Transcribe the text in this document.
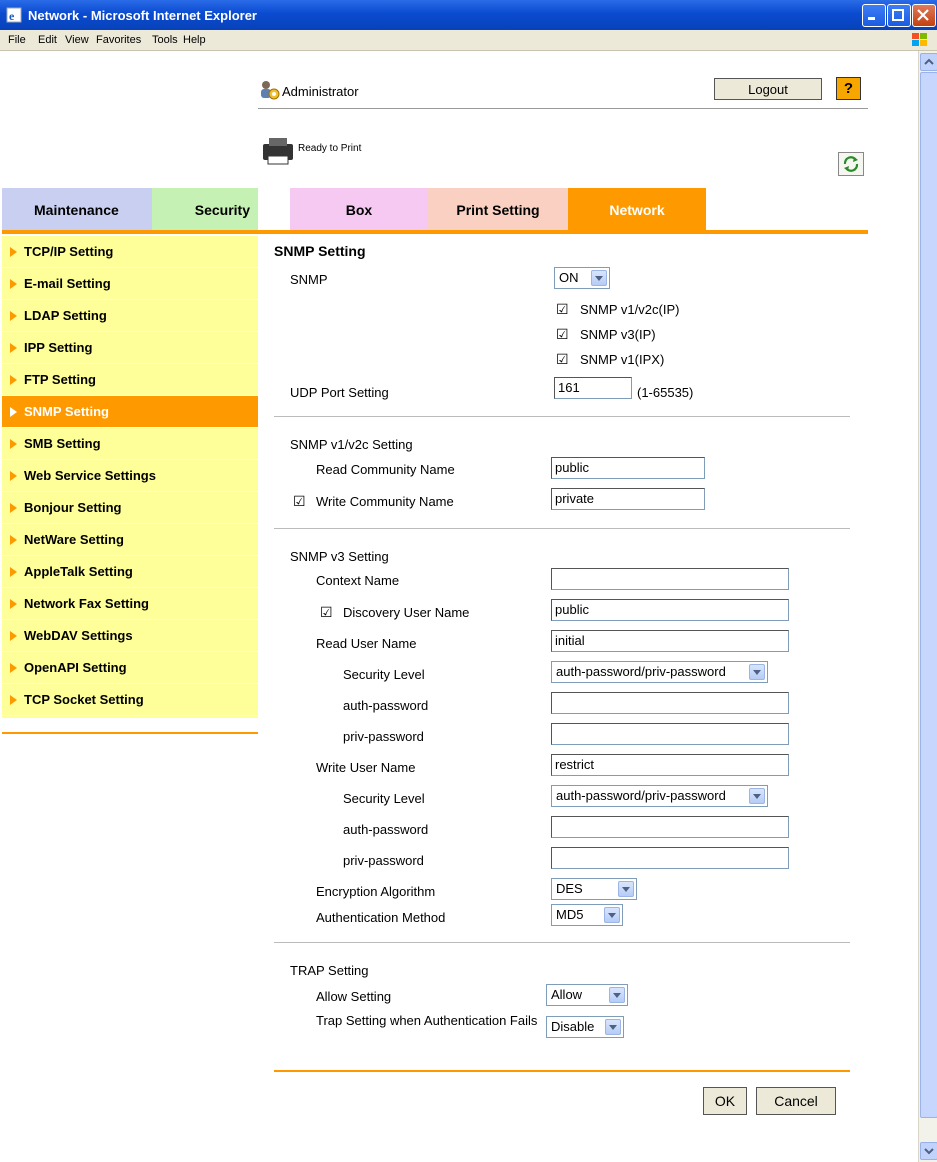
e Network - Microsoft Internet Explorer
File Edit View Favorites Tools Help
Administrator	Logout	?
Ready to Print
Maintenance	Security	Box	Print Setting	Network
TCP/IP Setting
E-mail Setting
LDAP Setting
IPP Setting
FTP Setting
SNMP Setting
SMB Setting
Web Service Settings
Bonjour Setting
NetWare Setting
AppleTalk Setting
Network Fax Setting
WebDAV Settings
OpenAPI Setting
TCP Socket Setting
SNMP Setting
SNMP	ON
☑
SNMP v1/v2c(IP)
☑
SNMP v3(IP)
☑
SNMP v1(IPX)
UDP Port Setting	161	(1-65535)
SNMP v1/v2c Setting
Read Community Name	public
☑
Write Community Name	private
SNMP v3 Setting
Context Name
☑
Discovery User Name	public
Read User Name	initial
Security Level	auth-password/priv-password
auth-password
priv-password
Write User Name	restrict
Security Level	auth-password/priv-password
auth-password
priv-password
Encryption Algorithm	DES
Authentication Method	MD5
TRAP Setting
Allow Setting	Allow
Trap Setting when Authentication Fails	Disable
OK	Cancel
